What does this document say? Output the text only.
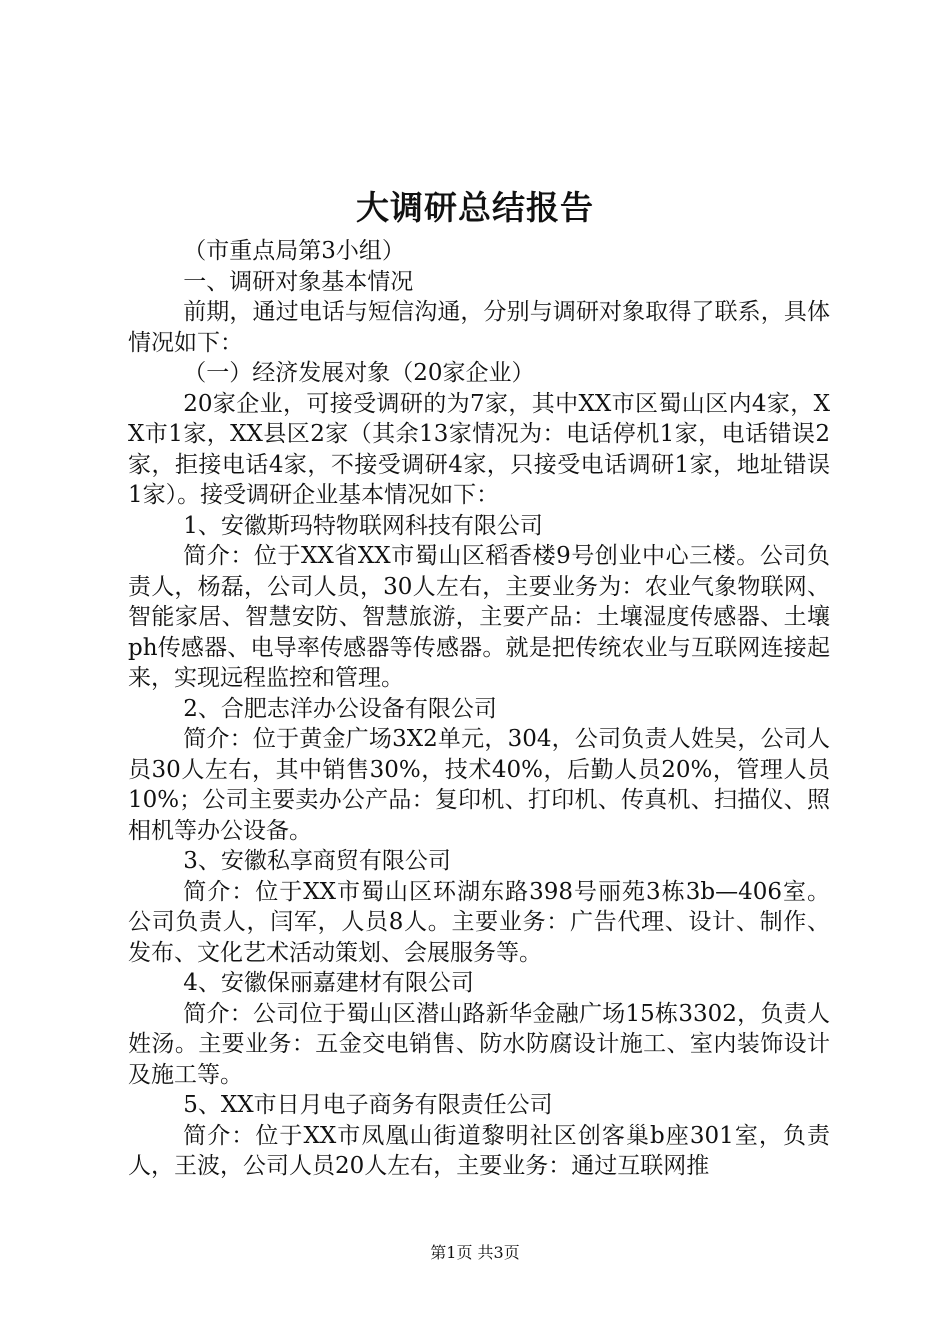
大调研总结报告

（市重点局第3小组）

一、调研对象基本情况

前期，通过电话与短信沟通，分别与调研对象取得了联系，具体情况如下：

（一）经济发展对象（20家企业）

20家企业，可接受调研的为7家，其中XX市区蜀山区内4家，XX市1家，XX县区2家（其余13家情况为：电话停机1家，电话错误2家，拒接电话4家，不接受调研4家，只接受电话调研1家，地址错误1家）。接受调研企业基本情况如下：

1、安徽斯玛特物联网科技有限公司

简介：位于XX省XX市蜀山区稻香楼9号创业中心三楼。公司负责人，杨磊，公司人员，30人左右，主要业务为：农业气象物联网、智能家居、智慧安防、智慧旅游，主要产品：土壤湿度传感器、土壤ph传感器、电导率传感器等传感器。就是把传统农业与互联网连接起来，实现远程监控和管理。

2、合肥志洋办公设备有限公司

简介：位于黄金广场3X2单元，304，公司负责人姓吴，公司人员30人左右，其中销售30%，技术40%，后勤人员20%，管理人员10%；公司主要卖办公产品：复印机、打印机、传真机、扫描仪、照相机等办公设备。

3、安徽私享商贸有限公司

简介：位于XX市蜀山区环湖东路398号丽苑3栋3b—406室。公司负责人，闫军，人员8人。主要业务：广告代理、设计、制作、发布、文化艺术活动策划、会展服务等。

4、安徽保丽嘉建材有限公司

简介：公司位于蜀山区潜山路新华金融广场15栋3302，负责人姓汤。主要业务：五金交电销售、防水防腐设计施工、室内装饰设计及施工等。

5、XX市日月电子商务有限责任公司

简介：位于XX市凤凰山街道黎明社区创客巢b座301室，负责人，王波，公司人员20人左右，主要业务：通过互联网推

第1页 共3页
